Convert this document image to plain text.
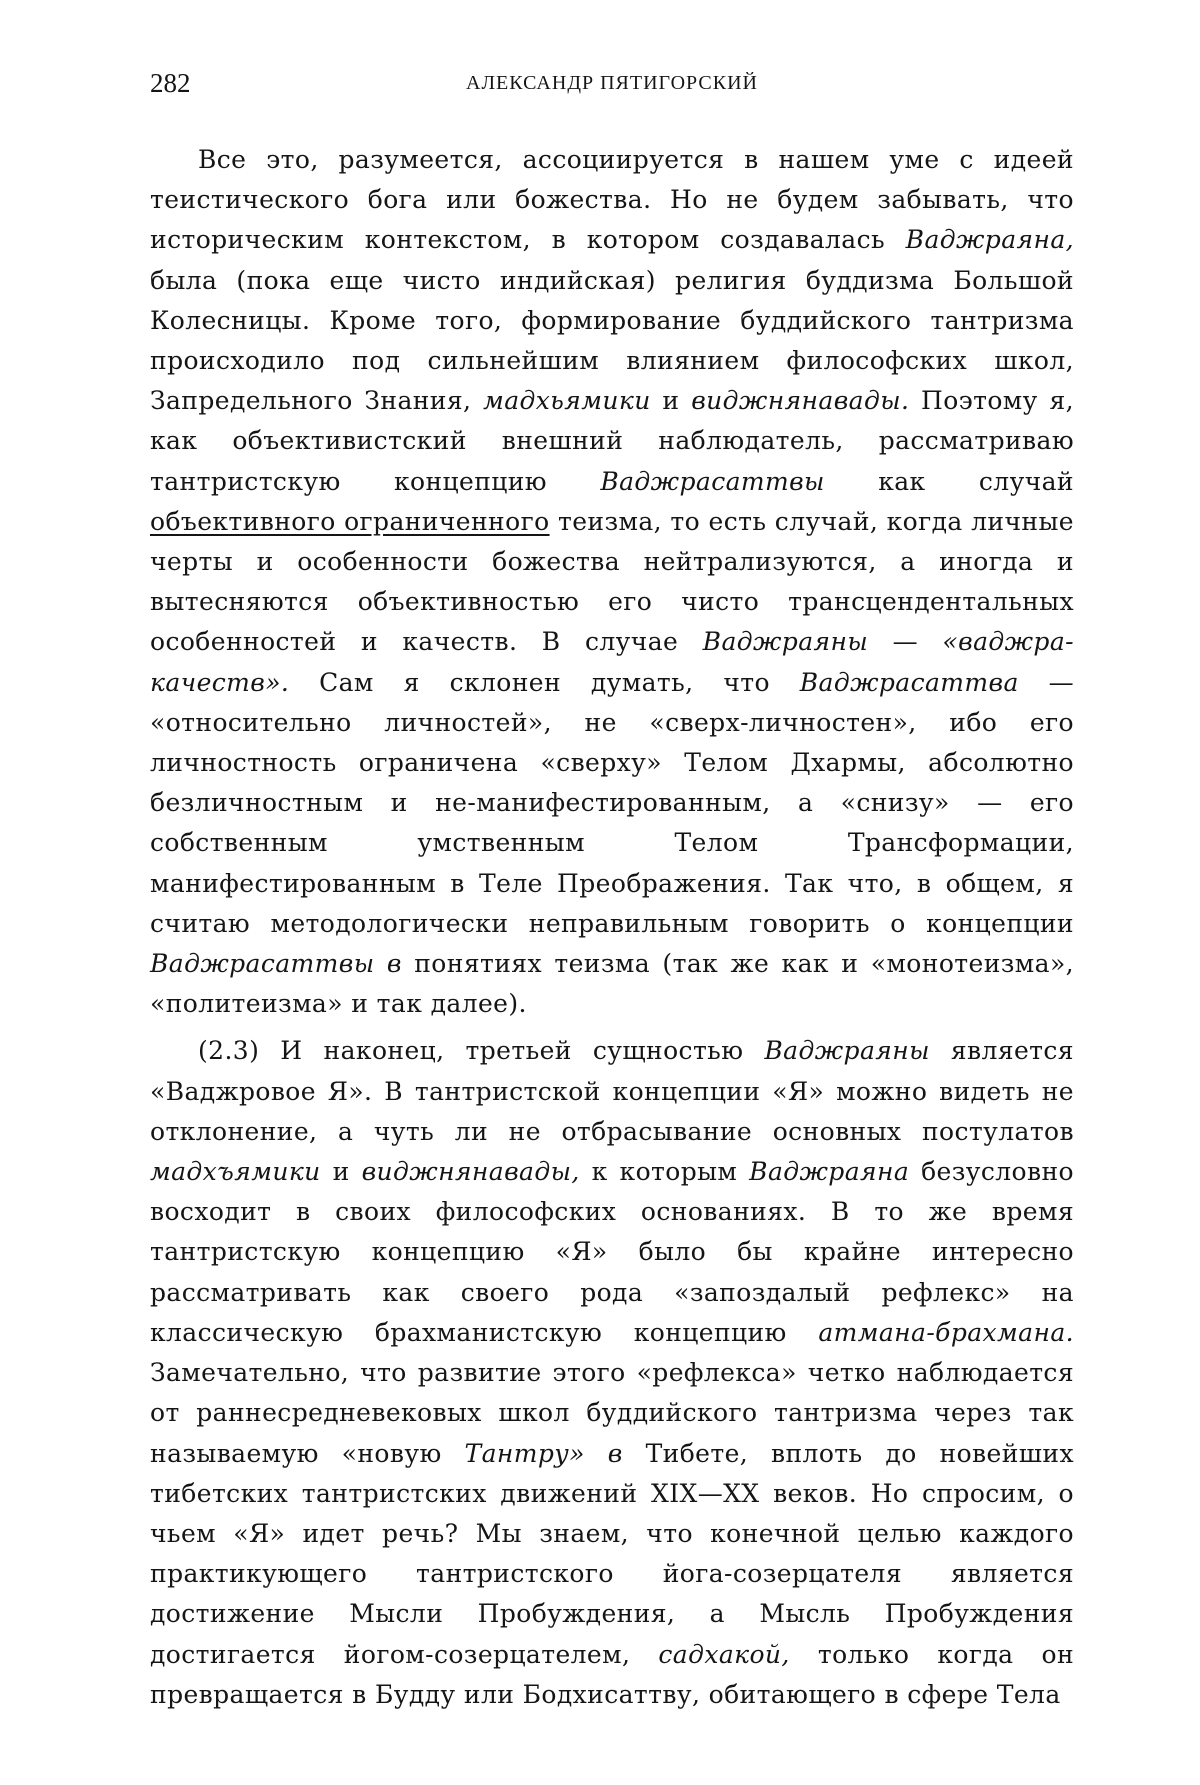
282	АЛЕКСАНДР ПЯТИГОРСКИЙ

Все это, разумеется, ассоциируется в нашем уме с идеей теистического бога или божества. Но не будем забывать, что историческим контекстом, в котором создавалась Ваджраяна, была (пока еще чисто индийская) религия буддизма Большой Колесницы. Кроме того, формирование буддийского тантризма происходило под сильнейшим влиянием философских школ, Запредельного Знания, мадхьямики и виджнянавады. Поэтому я, как объективистский внешний наблюдатель, рассматриваю тантристскую концепцию Ваджрасаттвы как случай объективного ограниченного теизма, то есть случай, когда личные черты и особенности божества нейтрализуются, а иногда и вытесняются объективностью его чисто трансцендентальных особенностей и качеств. В случае Ваджраяны — «ваджра-качеств». Сам я склонен думать, что Ваджрасаттва — «относительно личностей», не «сверх-личностен», ибо его личностность ограничена «сверху» Телом Дхармы, абсолютно безличностным и не-манифестированным, а «снизу» — его собственным умственным Телом Трансформации, манифестированным в Теле Преображения. Так что, в общем, я считаю методологически неправильным говорить о концепции Ваджрасаттвы в понятиях теизма (так же как и «монотеизма», «политеизма» и так далее).

(2.3) И наконец, третьей сущностью Ваджраяны является «Ваджровое Я». В тантристской концепции «Я» можно видеть не отклонение, а чуть ли не отбрасывание основных постулатов мадхъямики и виджнянавады, к которым Ваджраяна безусловно восходит в своих философских основаниях. В то же время тантристскую концепцию «Я» было бы крайне интересно рассматривать как своего рода «запоздалый рефлекс» на классическую брахманистскую концепцию атмана-брахмана. Замечательно, что развитие этого «рефлекса» четко наблюдается от раннесредневековых школ буддийского тантризма через так называемую «новую Тантру» в Тибете, вплоть до новейших тибетских тантристских движений XIX—XX веков. Но спросим, о чьем «Я» идет речь? Мы знаем, что конечной целью каждого практикующего тантристского йога-созерцателя является достижение Мысли Пробуждения, а Мысль Пробуждения достигается йогом-созерцателем, садхакой, только когда он превращается в Будду или Бодхисаттву, обитающего в сфере Тела
